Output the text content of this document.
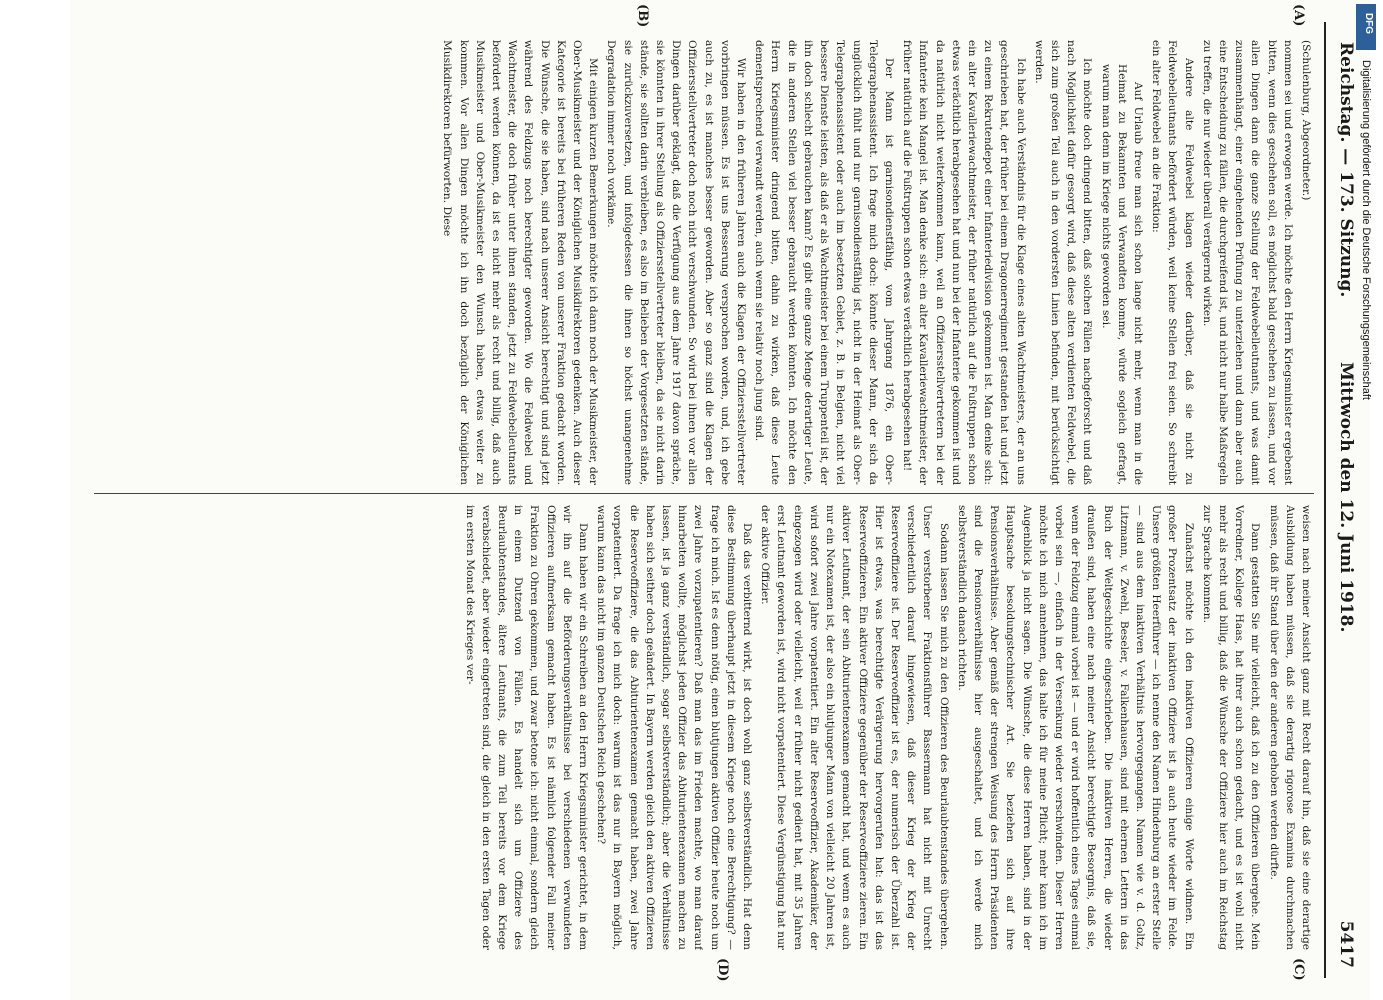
Reichstag. — 173. Sitzung.
Mittwoch den 12. Juni 1918.
5417
(A)
(B)
(C)
(D)

(Schulenburg, Abgeordneter.)

nommen sei und erwogen werde. Ich möchte den Herrn Kriegsminister ergebenst bitten, wenn dies geschehen soll, es möglichst bald geschehen zu lassen, und vor allen Dingen dann die ganze Stellung der Feldwebelleutnants, und was damit zusammenhängt, einer eingehenden Prüfung zu unterziehen und dann aber auch eine Entscheidung zu fällen, die durchgreifend ist, und nicht nur halbe Maßregeln zu treffen, die nur wieder überall verärgernd wirken.

Andere alte Feldwebel klagen wieder darüber, daß sie nicht zu Feldwebelleutnants befördert würden, weil keine Stellen frei seien. So schreibt ein alter Feldwebel an die Fraktion:

Auf Urlaub freue man sich schon lange nicht mehr, wenn man in die Heimat zu Bekannten und Verwandten komme, würde sogleich gefragt, warum man denn im Kriege nichts geworden sei.

Ich möchte doch dringend bitten, daß solchen Fällen nachgeforscht und daß nach Möglichkeit dafür gesorgt wird, daß diese alten verdienten Feldwebel, die sich zum großen Teil auch in den vordersten Linien befinden, mit berücksichtigt werden.

Ich habe auch Verständnis für die Klage eines alten Wachtmeisters, der an uns geschrieben hat, der früher bei einem Dragonerregiment gestanden hat und jetzt zu einem Rekrutendepot einer Infanteriedivision gekommen ist. Man denke sich: ein alter Kavalleriewachtmeister, der früher natürlich auf die Fußtruppen schon etwas verächtlich herabgesehen hat und nun bei der Infanterie gekommen ist und da natürlich nicht weiterkommen kann, weil an Offiziersstellvertretern bei der Infanterie kein Mangel ist. Man denke sich: ein alter Kavalleriewachtmeister, der früher natürlich auf die Fußtruppen schon etwas verächtlich herabgesehen hat!

Der Mann ist garnisondienstfähig, vom Jahrgang 1876, ein Ober-Telegraphenassistent. Ich frage mich doch: könnte dieser Mann, der sich da unglücklich fühlt und nur garnisondienstfähig ist, nicht in der Heimat als Ober-Telegraphenassistent oder auch im besetzten Gebiet, z. B. in Belgien, nicht viel bessere Dienste leisten, als daß er als Wachtmeister bei einem Truppenteil ist, der ihn doch schlecht gebrauchen kann? Es gibt eine ganze Menge derartiger Leute, die in anderen Stellen viel besser gebraucht werden könnten. Ich möchte den Herrn Kriegsminister dringend bitten, dahin zu wirken, daß diese Leute dementsprechend verwandt werden, auch wenn sie relativ noch jung sind.

Wir haben in den früheren Jahren auch die Klagen der Offiziersstellvertreter vorbringen müssen. Es ist uns Besserung versprochen worden, und, ich gebe auch zu, es ist manches besser geworden. Aber so ganz sind die Klagen der Offiziersstellvertreter doch noch nicht verschwunden. So wird bei ihnen vor allen Dingen darüber geklagt, daß die Verfügung aus dem Jahre 1917 davon spräche, sie könnten in ihrer Stellung als Offiziersstellvertreter bleiben, da sie nicht darin stände, sie sollten darin verbleiben, es also im Belieben der Vorgesetzten stände, sie zurückzuversetzen, und infolgedessen die ihnen so höchst unangenehme Degradation immer noch vorkäme.

Mit einigen kurzen Bemerkungen möchte ich dann noch der Musikmeister, der Ober-Musikmeister und der Königlichen Musikdirektoren gedenken. Auch dieser Kategorie ist bereits bei früheren Reden von unserer Fraktion gedacht worden. Die Wünsche, die sie haben, sind nach unserer Ansicht berechtigt und sind jetzt während des Feldzugs noch berechtigter geworden. Wo die Feldwebel und Wachtmeister, die doch früher unter ihnen standen, jetzt zu Feldwebelleutnants befördert werden können, da ist es nicht mehr als recht und billig, daß auch Musikmeister und Ober-Musikmeister den Wunsch haben, etwas weiter zu kommen. Vor allen Dingen möchte ich ihn doch bezüglich der Königlichen Musikdirektoren befürworten. Diese

weisen nach meiner Ansicht ganz mit Recht darauf hin, daß sie eine derartige Ausbildung haben müssen, daß sie derartig rigorose Examina durchmachen müssen, daß ihr Stand über den der anderen gehoben werden dürfte.

Dann gestatten Sie mir vielleicht, daß ich zu den Offizieren übergehe. Mein Vorredner, Kollege Haas, hat ihrer auch schon gedacht, und es ist wohl nicht mehr als recht und billig, daß die Wünsche der Offiziere hier auch im Reichstag zur Sprache kommen.

Zunächst möchte ich den inaktiven Offizieren einige Worte widmen. Ein großer Prozentsatz der inaktiven Offiziere ist ja auch heute wieder im Felde. Unsere größten Heerführer — ich nenne den Namen Hindenburg an erster Stelle — sind aus dem inaktiven Verhältnis hervorgegangen. Namen wie v. d. Goltz, Litzmann, v. Zwehl, Beseler, v. Falkenhausen, sind mit ehernen Lettern in das Buch der Weltgeschichte eingeschrieben. Die inaktiven Herren, die wieder draußen sind, haben eine nach meiner Ansicht berechtigte Besorgnis, daß sie, wenn der Feldzug einmal vorbei ist — und er wird hoffentlich eines Tages einmal vorbei sein —, einfach in der Versenkung wieder verschwinden. Dieser Herren möchte ich mich annehmen, das halte ich für meine Pflicht; mehr kann ich im Augenblick ja nicht sagen. Die Wünsche, die diese Herren haben, sind in der Hauptsache besoldungstechnischer Art. Sie beziehen sich auf ihre Pensionsverhältnisse. Aber gemäß der strengen Weisung des Herrn Präsidenten sind die Pensionsverhältnisse hier ausgeschaltet, und ich werde mich selbstverständlich danach richten.

Sodann lassen Sie mich zu den Offizieren des Beurlaubtenstandes übergehen. Unser verstorbener Fraktionsführer Bassermann hat nicht mit Unrecht verschiedentlich darauf hingewiesen, daß dieser Krieg der Krieg der Reserveoffiziere ist. Der Reserveoffizier ist es, der numerisch der Überzahl ist. Hier ist etwas, was berechtigte Verärgerung hervorgerufen hat: das ist das Reserveoffizieren. Ein aktiver Offiziere gegenüber der Reserveoffiziere zieren. Ein aktiver Leutnant, der sein Abiturientenexamen gemacht hat, und wenn es auch nur ein Notexamen ist, der also ein blutjunger Mann von vielleicht 20 Jahren ist, wird sofort zwei Jahre vorpatentiert. Ein alter Reserveoffizier, Akademiker, der eingezogen wird oder vielleicht, weil er früher nicht gedient hat, mit 35 Jahren erst Leutnant geworden ist, wird nicht vorpatentiert. Diese Vergünstigung hat nur der aktive Offizier.

Daß das verbitternd wirkt, ist doch wohl ganz selbstverständlich. Hat denn diese Bestimmung überhaupt jetzt in diesem Kriege noch eine Berechtigung? — frage ich mich. Ist es denn nötig, einen blutjungen aktiven Offizier heute noch um zwei Jahre vorzupatentieren? Daß man das im Frieden machte, wo man darauf hinarbeiten wollte, möglichst jeden Offizier das Abiturientenexamen machen zu lassen, ist ja ganz verständlich, sogar selbstverständlich; aber die Verhältnisse haben sich seither doch geändert. In Bayern werden gleich den aktiven Offizieren die Reserveoffiziere, die das Abiturientenexamen gemacht haben, zwei Jahre vorpatentiert. Da frage ich mich doch: warum ist das nur in Bayern möglich, warum kann das nicht im ganzen Deutschen Reich geschehen?

Dann haben wir ein Schreiben an den Herrn Kriegsminister gerichtet, in dem wir ihn auf die Beförderungsverhältnisse bei verschiedenen verwundeten Offizieren aufmerksam gemacht haben. Es ist nämlich folgender Fall meiner Fraktion zu Ohren gekommen, und zwar betone ich: nicht einmal, sondern gleich in einem Dutzend von Fällen. Es handelt sich um Offiziere des Beurlaubtenstandes, ältere Leutnants, die zum Teil bereits vor dem Kriege verabschiedet, aber wieder eingetreten sind, die gleich in den ersten Tagen oder im ersten Monat des Krieges ver-

DFG
Digitalisierung gefördert durch die Deutsche Forschungsgemeinschaft
